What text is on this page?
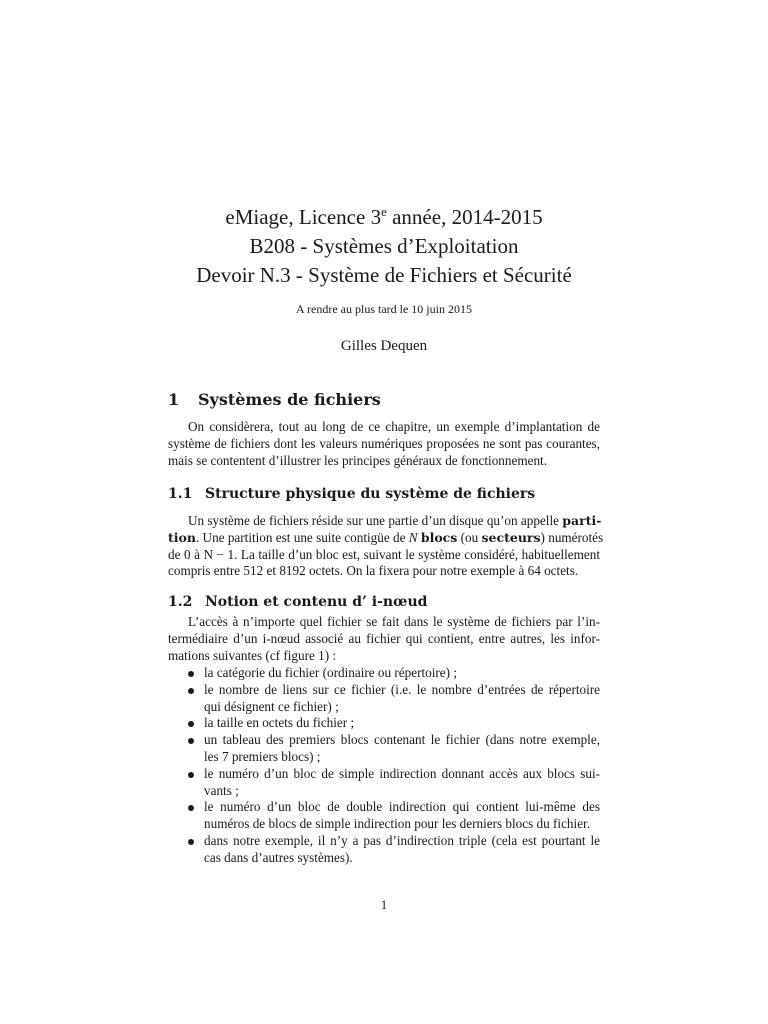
eMiage, Licence 3e année, 2014-2015

B208 - Systèmes d’Exploitation

Devoir N.3 - Système de Fichiers et Sécurité

A rendre au plus tard le 10 juin 2015
Gilles Dequen
1 Systèmes de fichiers
On considèrera, tout au long de ce chapitre, un exemple d’implantation de
système de fichiers dont les valeurs numériques proposées ne sont pas courantes,
mais se contentent d’illustrer les principes généraux de fonctionnement.
1.1 Structure physique du système de fichiers
Un système de fichiers réside sur une partie d’un disque qu’on appelle parti-
tion. Une partition est une suite contigüe de N blocs (ou secteurs) numérotés
de 0 à N − 1. La taille d’un bloc est, suivant le système considéré, habituellement
compris entre 512 et 8192 octets. On la fixera pour notre exemple à 64 octets.
1.2 Notion et contenu d’ i-nœud
L’accès à n’importe quel fichier se fait dans le système de fichiers par l’in-
termédiaire d’un i-nœud associé au fichier qui contient, entre autres, les infor-
mations suivantes (cf figure 1) :
la catégorie du fichier (ordinaire ou répertoire) ;
le nombre de liens sur ce fichier (i.e. le nombre d’entrées de répertoire
qui désignent ce fichier) ;
la taille en octets du fichier ;
un tableau des premiers blocs contenant le fichier (dans notre exemple,
les 7 premiers blocs) ;
le numéro d’un bloc de simple indirection donnant accès aux blocs sui-
vants ;
le numéro d’un bloc de double indirection qui contient lui-même des
numéros de blocs de simple indirection pour les derniers blocs du fichier.
dans notre exemple, il n’y a pas d’indirection triple (cela est pourtant le
cas dans d’autres systèmes).
1
